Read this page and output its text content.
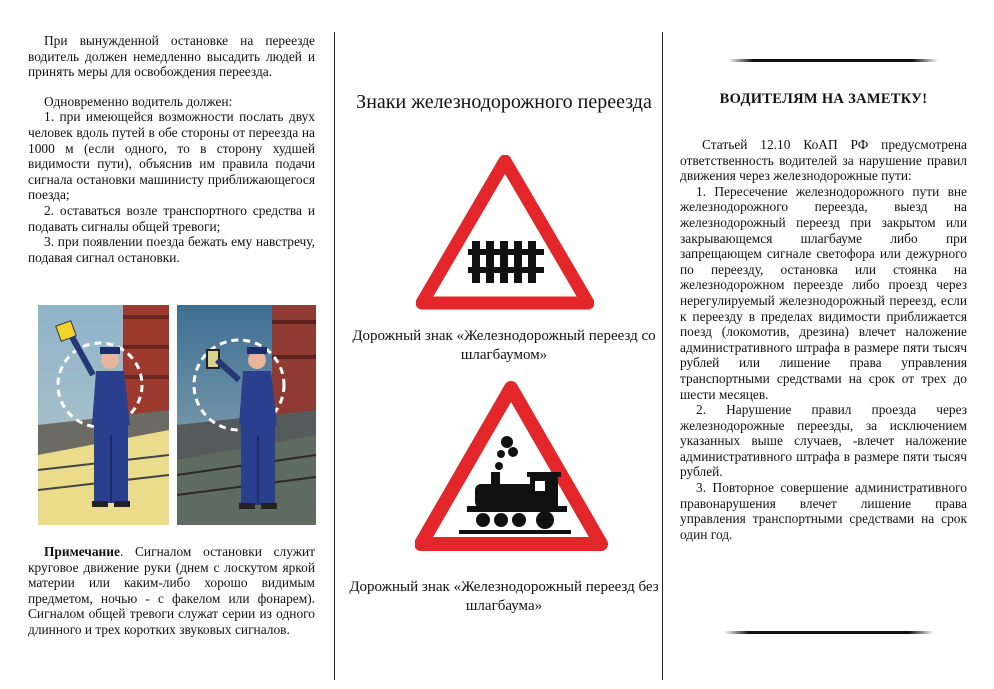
При вынужденной остановке на переезде водитель должен немедленно высадить людей и принять меры для освобождения переезда.

Одновременно водитель должен:

1. при имеющейся возможности послать двух человек вдоль путей в обе стороны от переезда на 1000 м (если одного, то в сторону худшей видимости пути), объяснив им правила подачи сигнала остановки машинисту приближающегося поезда;

2. оставаться возле транспортного средства и подавать сигналы общей тревоги;

3. при появлении поезда бежать ему навстречу, подавая сигнал остановки.

Примечание. Сигналом остановки служит круговое движение руки (днем с лоскутом яркой материи или каким-либо хорошо видимым предметом, ночью - с факелом или фонарем). Сигналом общей тревоги служат серии из одного длинного и трех коротких звуковых сигналов.

Знаки железнодорожного переезда
Дорожный знак «Железнодорожный переезд со шлагбаумом»
Дорожный знак «Железнодорожный переезд без шлагбаума»
ВОДИТЕЛЯМ НА ЗАМЕТКУ!

Статьей 12.10 КоАП РФ предусмотрена ответственность водителей за нарушение правил движения через железнодорожные пути:

1. Пересечение железнодорожного пути вне железнодорожного переезда, выезд на железнодорожный переезд при закрытом или закрывающемся шлагбауме либо при запрещающем сигнале светофора или дежурного по переезду, остановка или стоянка на железнодорожном переезде либо проезд через нерегулируемый железнодорожный переезд, если к переезду в пределах видимости приближается поезд (локомотив, дрезина) влечет наложение административного штрафа в размере пяти тысяч рублей или лишение права управления транспортными средствами на срок от трех до шести месяцев.

2. Нарушение правил проезда через железнодорожные переезды, за исключением указанных выше случаев, -влечет наложение административного штрафа в размере пяти тысяч рублей.

3. Повторное совершение административного правонарушения влечет лишение права управления транспортными средствами на срок один год.
